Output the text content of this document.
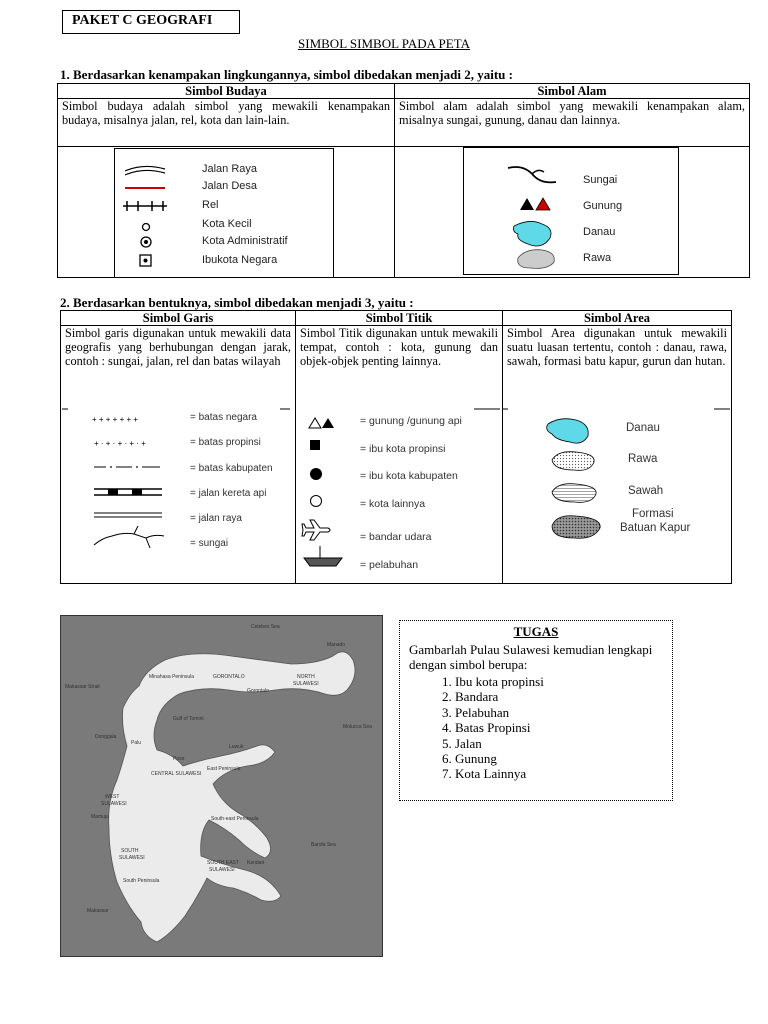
PAKET C GEOGRAFI
SIMBOL SIMBOL PADA PETA
1. Berdasarkan kenampakan lingkungannya, simbol dibedakan menjadi 2, yaitu :
Simbol Budaya	Simbol Alam
Simbol budaya adalah simbol yang mewakili kenampakan budaya, misalnya jalan, rel, kota dan lain-lain.	Simbol alam adalah simbol yang mewakili kenampakan alam, misalnya sungai, gunung, danau dan lainnya.

Jalan Raya
Jalan Desa
Rel
Kota Kecil
Kota Administratif
Ibukota Negara
Sungai
Gunung
Danau
Rawa
2. Berdasarkan bentuknya, simbol dibedakan menjadi 3, yaitu :
Simbol Garis	Simbol Titik	Simbol Area
Simbol garis digunakan untuk mewakili data geografis yang berhubungan dengan jarak, contoh : sungai, jalan, rel dan batas wilayah	Simbol Titik digunakan untuk mewakili tempat, contoh : kota, gunung dan objek-objek penting lainnya.	Simbol Area digunakan untuk mewakili suatu luasan tertentu, contoh : danau, rawa, sawah, formasi batu kapur, gurun dan hutan.
+ + + + + + +
+ · + · + · + · +
= batas negara
= batas propinsi
= batas kabupaten
= jalan kereta api
= jalan raya
= sungai
= gunung /gunung api
= ibu kota propinsi
= ibu kota kabupaten
= kota lainnya
= bandar udara
= pelabuhan
Danau
Rawa
Sawah
Formasi
Batuan Kapur
Celebes Sea
Manado
NORTH
SULAWESI
GORONTALO
Gorontalo
Minahasa Peninsula
Molucca Sea
Gulf of Tomini
Donggala
Palu
Poso
Luwuk
East Peninsula
CENTRAL SULAWESI
Makassar Strait
WEST
SULAWESI
Mamuju
SOUTH
SULAWESI
SOUTH EAST
SULAWESI
Kendari
Banda Sea
South Peninsula
Makassar
South-east Peninsula
TUGAS
Gambarlah Pulau Sulawesi kemudian lengkapi dengan simbol berupa:
1. Ibu kota propinsi
2. Bandara
3. Pelabuhan
4. Batas Propinsi
5. Jalan
6. Gunung
7. Kota Lainnya
